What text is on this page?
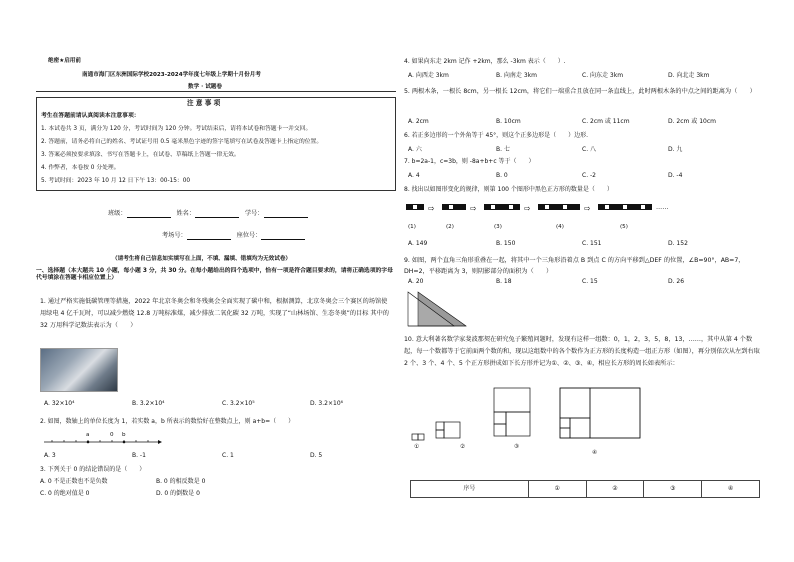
绝密★启用前
南通市海门区东洲国际学校2023-2024学年度七年级上学期十月份月考
数学 · 试题卷
注 意 事 项
考生在答题前请认真阅读本注意事项：
1. 本试卷共 3 页，满分为 120 分，考试时间为 120 分钟。考试结束后，请将本试卷和答题卡一并交回。
2. 答题前，请务必将自己的姓名、考试证号用 0.5 毫米黑色字迹的签字笔填写在试卷及答题卡上指定的位置。
3. 答案必须按要求填涂、书写在答题卡上，在试卷、草稿纸上答题一律无效。
4. 作弊者，本卷按 0 分处理。
5. 考试时间：2023 年 10 月 12 日下午 13：00-15：00
班级：	姓名：	学号：
考场号：	座位号：
（请考生将自己信息如实填写在上面，不填、漏填、错填均为无效试卷）
一、选择题（本大题共 10 小题，每小题 3 分，共 30 分。在每小题给出的四个选项中，恰有一项是符合题目要求的，请将正确选项的字母代号填涂在答题卡相应位置上）
1. 通过严格实施低碳管理等措施，2022 年北京冬奥会和冬残奥会全面实现了碳中和，根据测算，北京冬奥会三个赛区的场馆使用绿电 4 亿千瓦时，可以减少燃烧 12.8 万吨标准煤，减少排放二氧化碳 32 万吨，实现了“山林场馆、生态冬奥”的目标 其中的 32 万用科学记数法表示为（　　）
A. 32×10⁴	B. 3.2×10⁴	C. 3.2×10⁵	D. 3.2×10⁶
2. 如图，数轴上的单位长度为 1，若实数 a，b 所表示的数恰好在整数点上，则 a+b=（　　）
a	0 b
A. 3	B. -1	C. 1	D. 5
3. 下列关于 0 的结论错误的是（　　）
A. 0 不是正数也不是负数	B. 0 的相反数是 0
C. 0 的绝对值是 0	D. 0 的倒数是 0
4. 如果向东走 2km 记作 +2km，那么 -3km 表示（　　）.
A. 向西走 3km	B. 向南走 3km	C. 向东走 3km	D. 向北走 3km
5. 两根木条，一根长 8cm，另一根长 12cm，将它们一端重合且放在同一条直线上，此时两根木条的中点之间的距离为（　　）
A. 2cm	B. 10cm	C. 2cm 或 11cm	D. 2cm 或 10cm
6. 若正多边形的一个外角等于 45°，则这个正多边形是（　　）边形.
A. 六	B. 七	C. 八	D. 九
7. b=2a-1，c=3b，则 -8a+b+c 等于（　　）
A. 4	B. 0	C. -2	D. -4
8. 找出以如图形变化的规律，则第 100 个图形中黑色正方形的数量是（　　）
⇨	⇨	⇨	⇨	……
(1)	(2)	(3)	(4)	(5)
A. 149	B. 150	C. 151	D. 152
9. 如图，两个直角三角形重叠在一起，将其中一个三角形沿着点 B 到点 C 的方向平移到△DEF 的位置，∠B=90°，AB=7，DH=2，平移距离为 3，则阴影部分的面积为（　　）
A. 20	B. 18	C. 15	D. 26
10. 意大利著名数学家斐波那契在研究兔子繁殖问题时，发现有这样一组数：0，1，2，3，5，8，13，……，其中从第 4 个数起，每一个数都等于它前面两个数的和，现以这组数中的各个数作为正方形的长度构造一组正方形（如图），再分别依次从左到右取 2 个、3 个、4 个、5 个正方形拼成如下长方形并记为①、②、③、④，相应长方形的周长如表所示：
①	②	③
④
序号	①	②	③	④
